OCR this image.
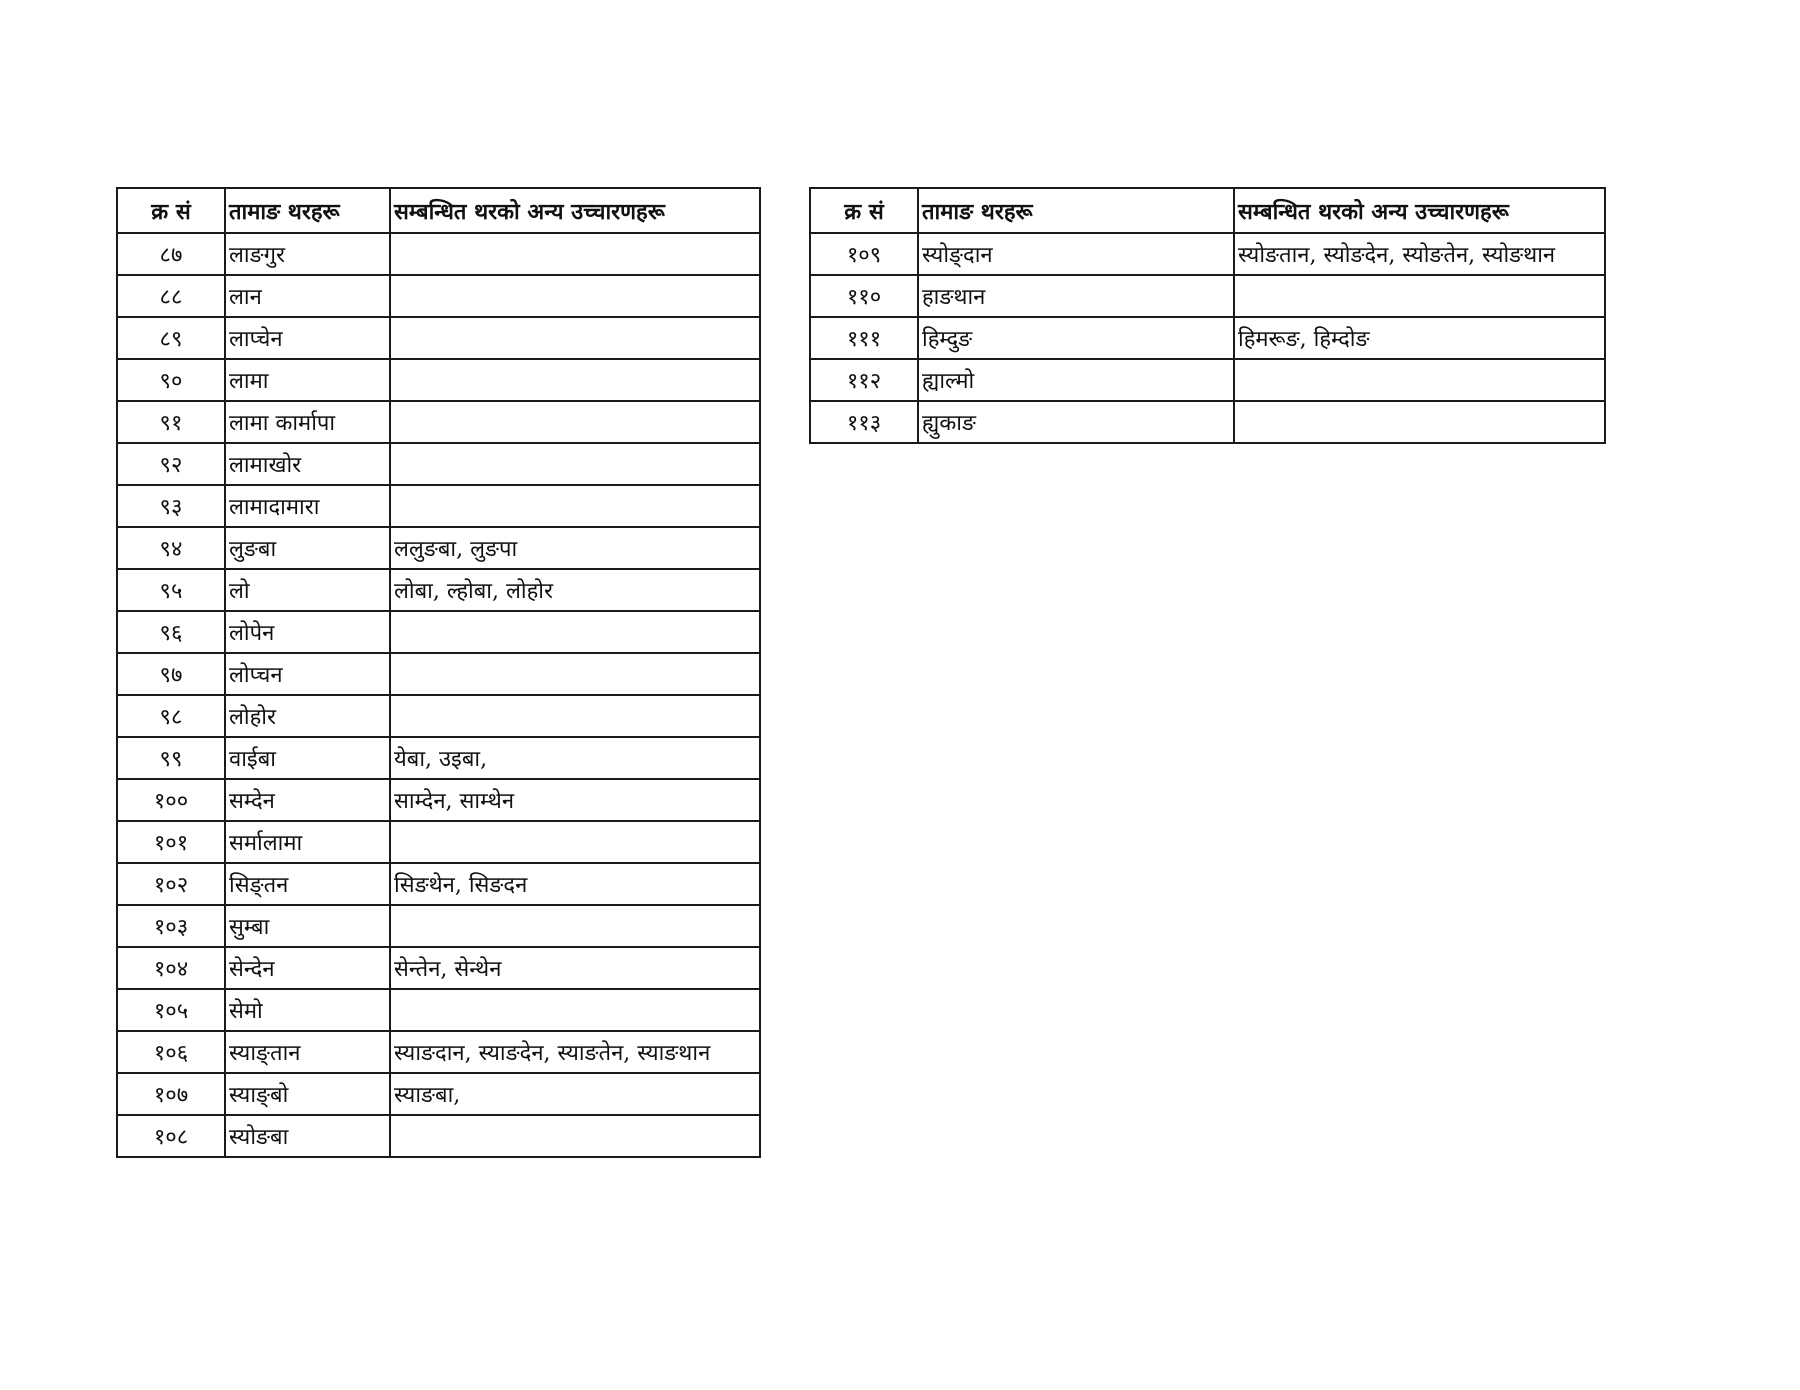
क्र सं	तामाङ थरहरू	सम्बन्धित थरको अन्य उच्चारणहरू
८७	लाङगुर	
८८	लान	
८९	लाप्चेन	
९०	लामा	
९१	लामा कार्मापा	
९२	लामाखोर	
९३	लामादामारा	
९४	लुङबा	ललुङबा, लुङपा
९५	लो	लोबा, ल्होबा, लोहोर
९६	लोपेन	
९७	लोप्चन	
९८	लोहोर	
९९	वाईबा	येबा, उइबा,
१००	सम्देन	साम्देन, साम्थेन
१०१	सर्मालामा	
१०२	सिङ्तन	सिङथेन, सिङदन
१०३	सुम्बा	
१०४	सेन्देन	सेन्तेन, सेन्थेन
१०५	सेमो	
१०६	स्याङ्तान	स्याङदान, स्याङदेन, स्याङतेन, स्याङथान
१०७	स्याङ्बो	स्याङबा,
१०८	स्योङबा	
क्र सं	तामाङ थरहरू	सम्बन्धित थरको अन्य उच्चारणहरू
१०९	स्योङ्दान	स्योङतान, स्योङदेन, स्योङतेन, स्योङथान
११०	हाङथान	
१११	हिम्दुङ	हिमरूङ, हिम्दोङ
११२	ह्याल्मो	
११३	ह्युकाङ	
